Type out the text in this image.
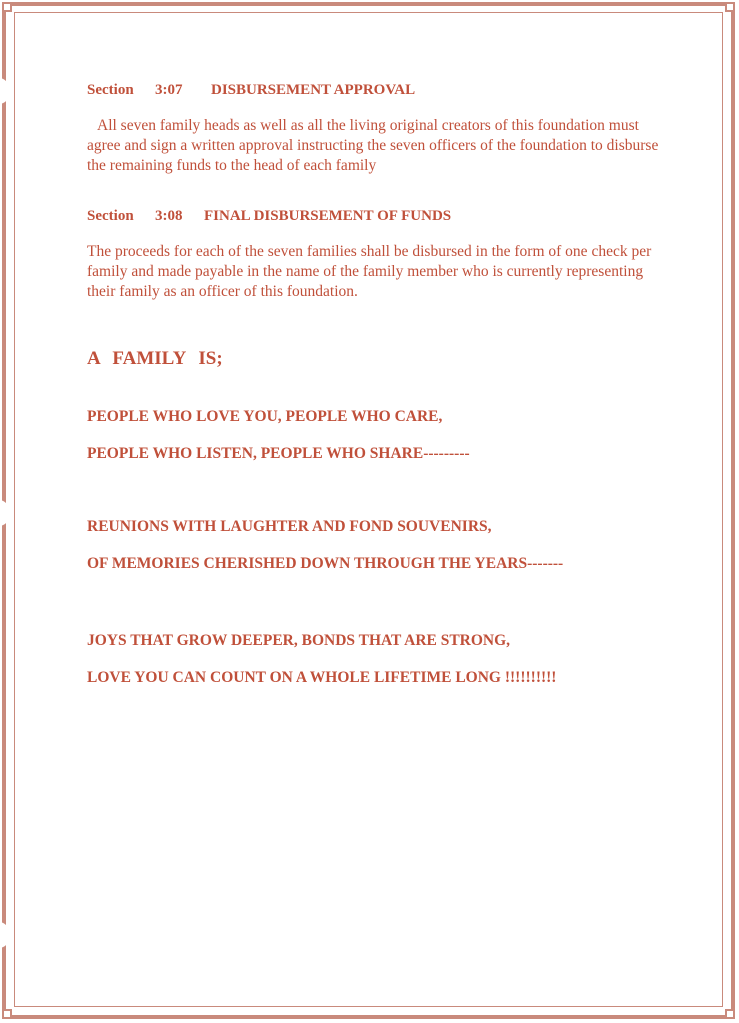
Section 3:07 DISBURSEMENT APPROVAL
All seven family heads as well as all the living original creators of this foundation must agree and sign a written approval instructing the seven officers of the foundation to disburse the remaining funds to the head of each family
Section 3:08 FINAL DISBURSEMENT OF FUNDS
The proceeds for each of the seven families shall be disbursed in the form of one check per family and made payable in the name of the family member who is currently representing their family as an officer of this foundation.
A FAMILY IS;
PEOPLE WHO LOVE YOU, PEOPLE WHO CARE,
PEOPLE WHO LISTEN, PEOPLE WHO SHARE---------
REUNIONS WITH LAUGHTER AND FOND SOUVENIRS,
OF MEMORIES CHERISHED DOWN THROUGH THE YEARS-------
JOYS THAT GROW DEEPER, BONDS THAT ARE STRONG,
LOVE YOU CAN COUNT ON A WHOLE LIFETIME LONG !!!!!!!!!!
